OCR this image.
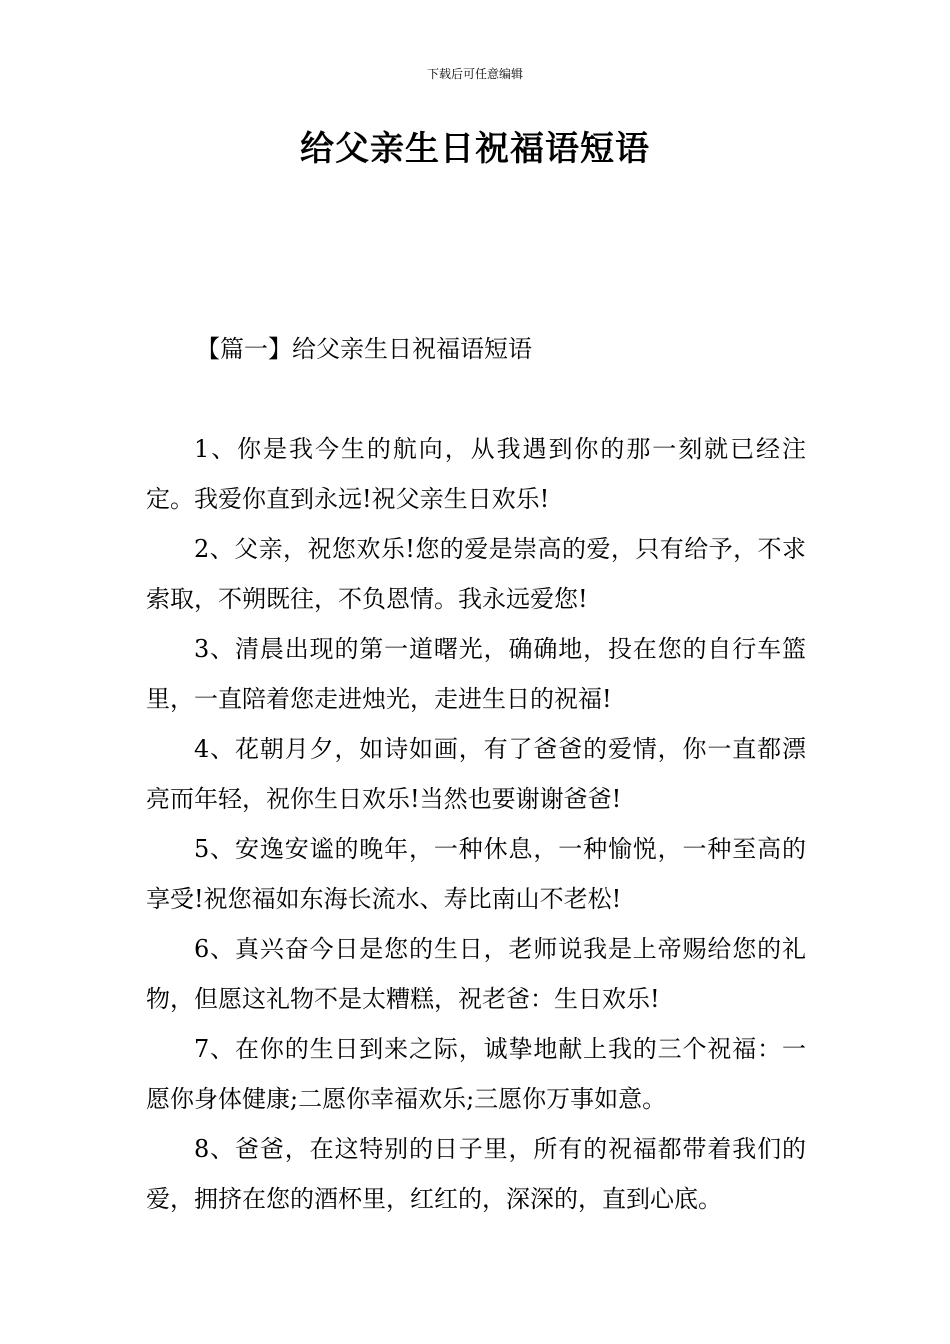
下载后可任意编辑
给父亲生日祝福语短语
【篇一】给父亲生日祝福语短语

1、你是我今生的航向，从我遇到你的那一刻就已经注定。我爱你直到永远!祝父亲生日欢乐!

2、父亲，祝您欢乐!您的爱是崇高的爱，只有给予，不求索取，不朔既往，不负恩情。我永远爱您!

3、清晨出现的第一道曙光，确确地，投在您的自行车篮里，一直陪着您走进烛光，走进生日的祝福!

4、花朝月夕，如诗如画，有了爸爸的爱情，你一直都漂亮而年轻，祝你生日欢乐!当然也要谢谢爸爸!

5、安逸安谧的晚年，一种休息，一种愉悦，一种至高的享受!祝您福如东海长流水、寿比南山不老松!

6、真兴奋今日是您的生日，老师说我是上帝赐给您的礼物，但愿这礼物不是太糟糕，祝老爸：生日欢乐!

7、在你的生日到来之际，诚挚地献上我的三个祝福：一愿你身体健康;二愿你幸福欢乐;三愿你万事如意。

8、爸爸，在这特别的日子里，所有的祝福都带着我们的爱，拥挤在您的酒杯里，红红的，深深的，直到心底。
